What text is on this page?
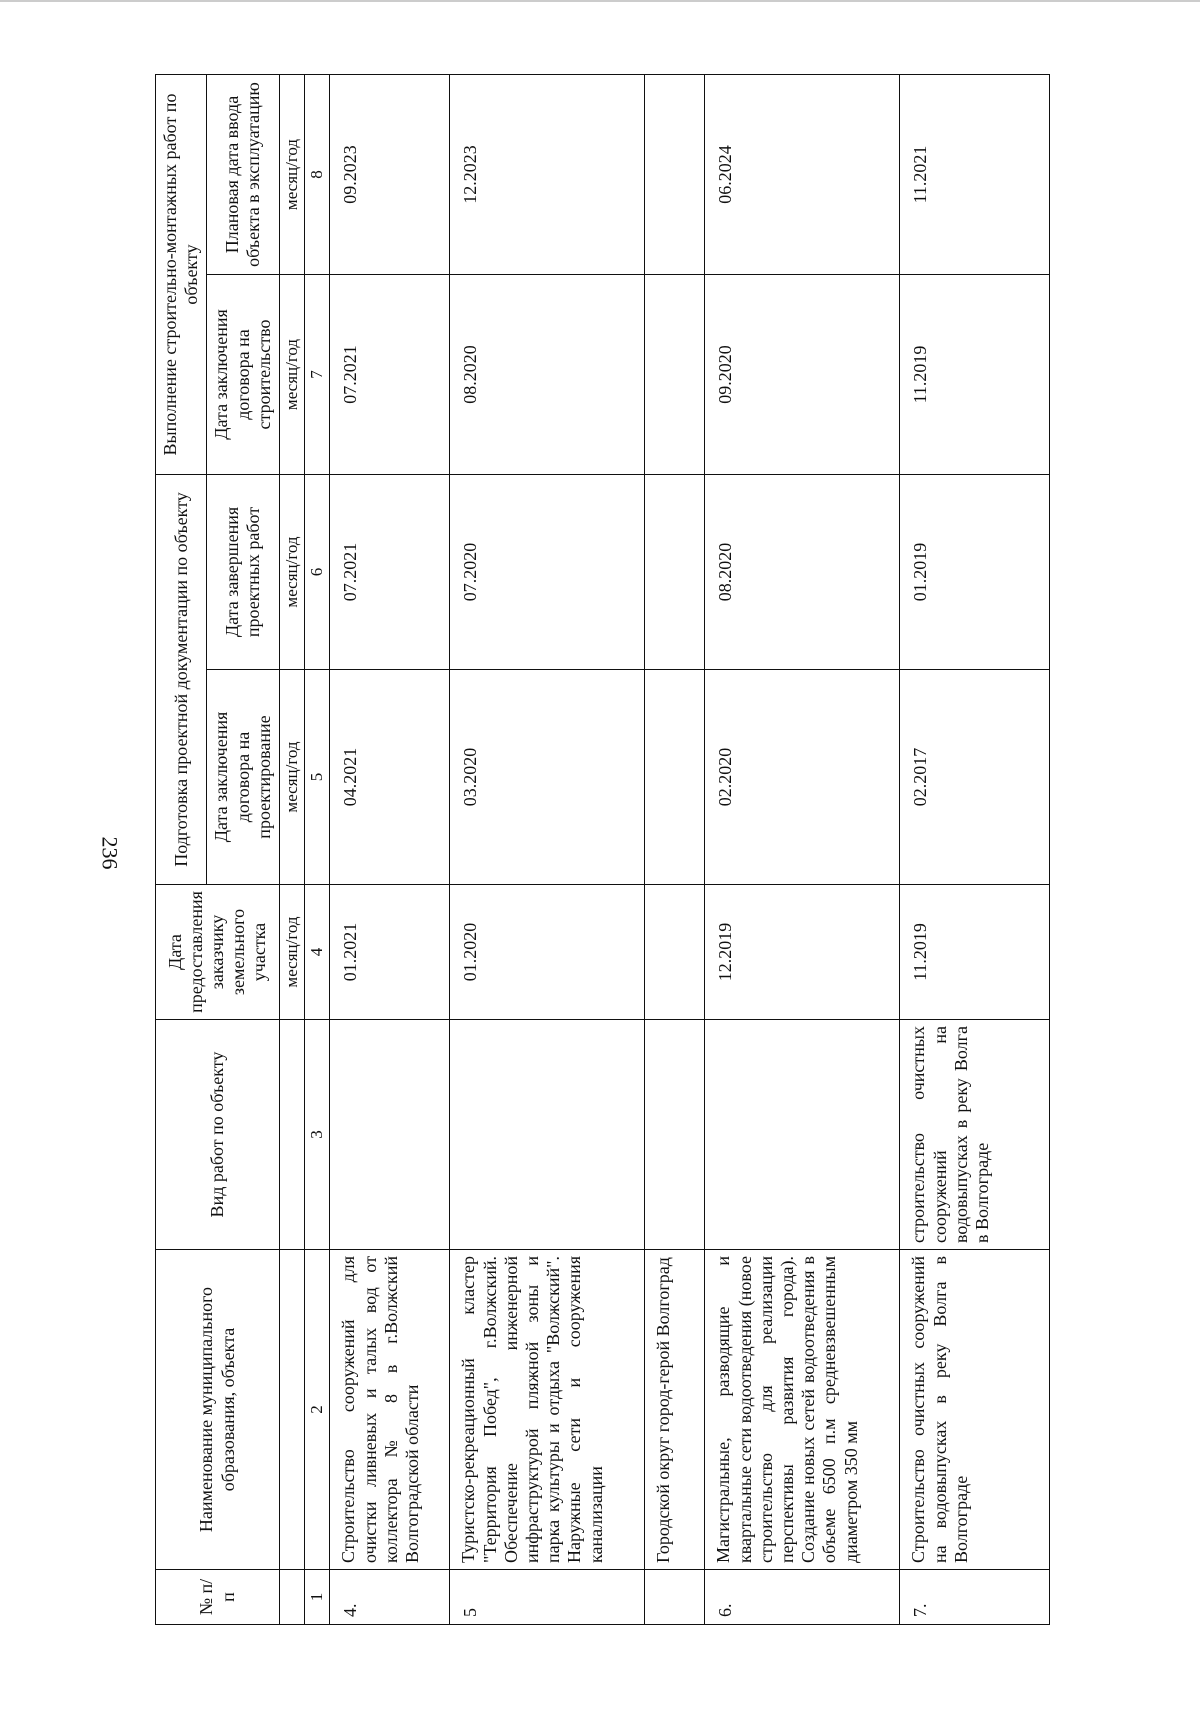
236
№ п/п	Наименование муниципального образования, объекта	Вид работ по объекту	Дата предоставления заказчику земельного участка	Подготовка проектной документации по объекту		Выполнение строительно-монтажных работ по объекту	
				Дата заключения договора на проектирование	Дата завершения проектных работ	Дата заключения договора на строительство	Плановая дата ввода объекта в эксплуатацию
			месяц/год	месяц/год	месяц/год	месяц/год	месяц/год
1	2	3	4	5	6	7	8
4.	Строительство сооружений для очистки ливневых и талых вод от коллектора № 8 в г.Волжский Волгоградской области		01.2021	04.2021	07.2021	07.2021	09.2023
5	Туристско-рекреационный кластер "Территория Побед", г.Волжский. Обеспечение инженерной инфраструктурой пляжной зоны и парка культуры и отдыха "Волжский". Наружные сети и сооружения канализации		01.2020	03.2020	07.2020	08.2020	12.2023
	Городской округ город-герой Волгоград						
6.	Магистральные, разводящие и квартальные сети водоотведения (новое строительство для реализации перспективы развития города). Создание новых сетей водоотведения в объеме 6500 п.м средневзвешенным диаметром 350 мм		12.2019	02.2020	08.2020	09.2020	06.2024
7.	Строительство очистных сооружений на водовыпусках в реку Волга в Волгограде	строительство очистных сооружений на водовыпусках в реку Волга в Волгограде	11.2019	02.2017	01.2019	11.2019	11.2021
